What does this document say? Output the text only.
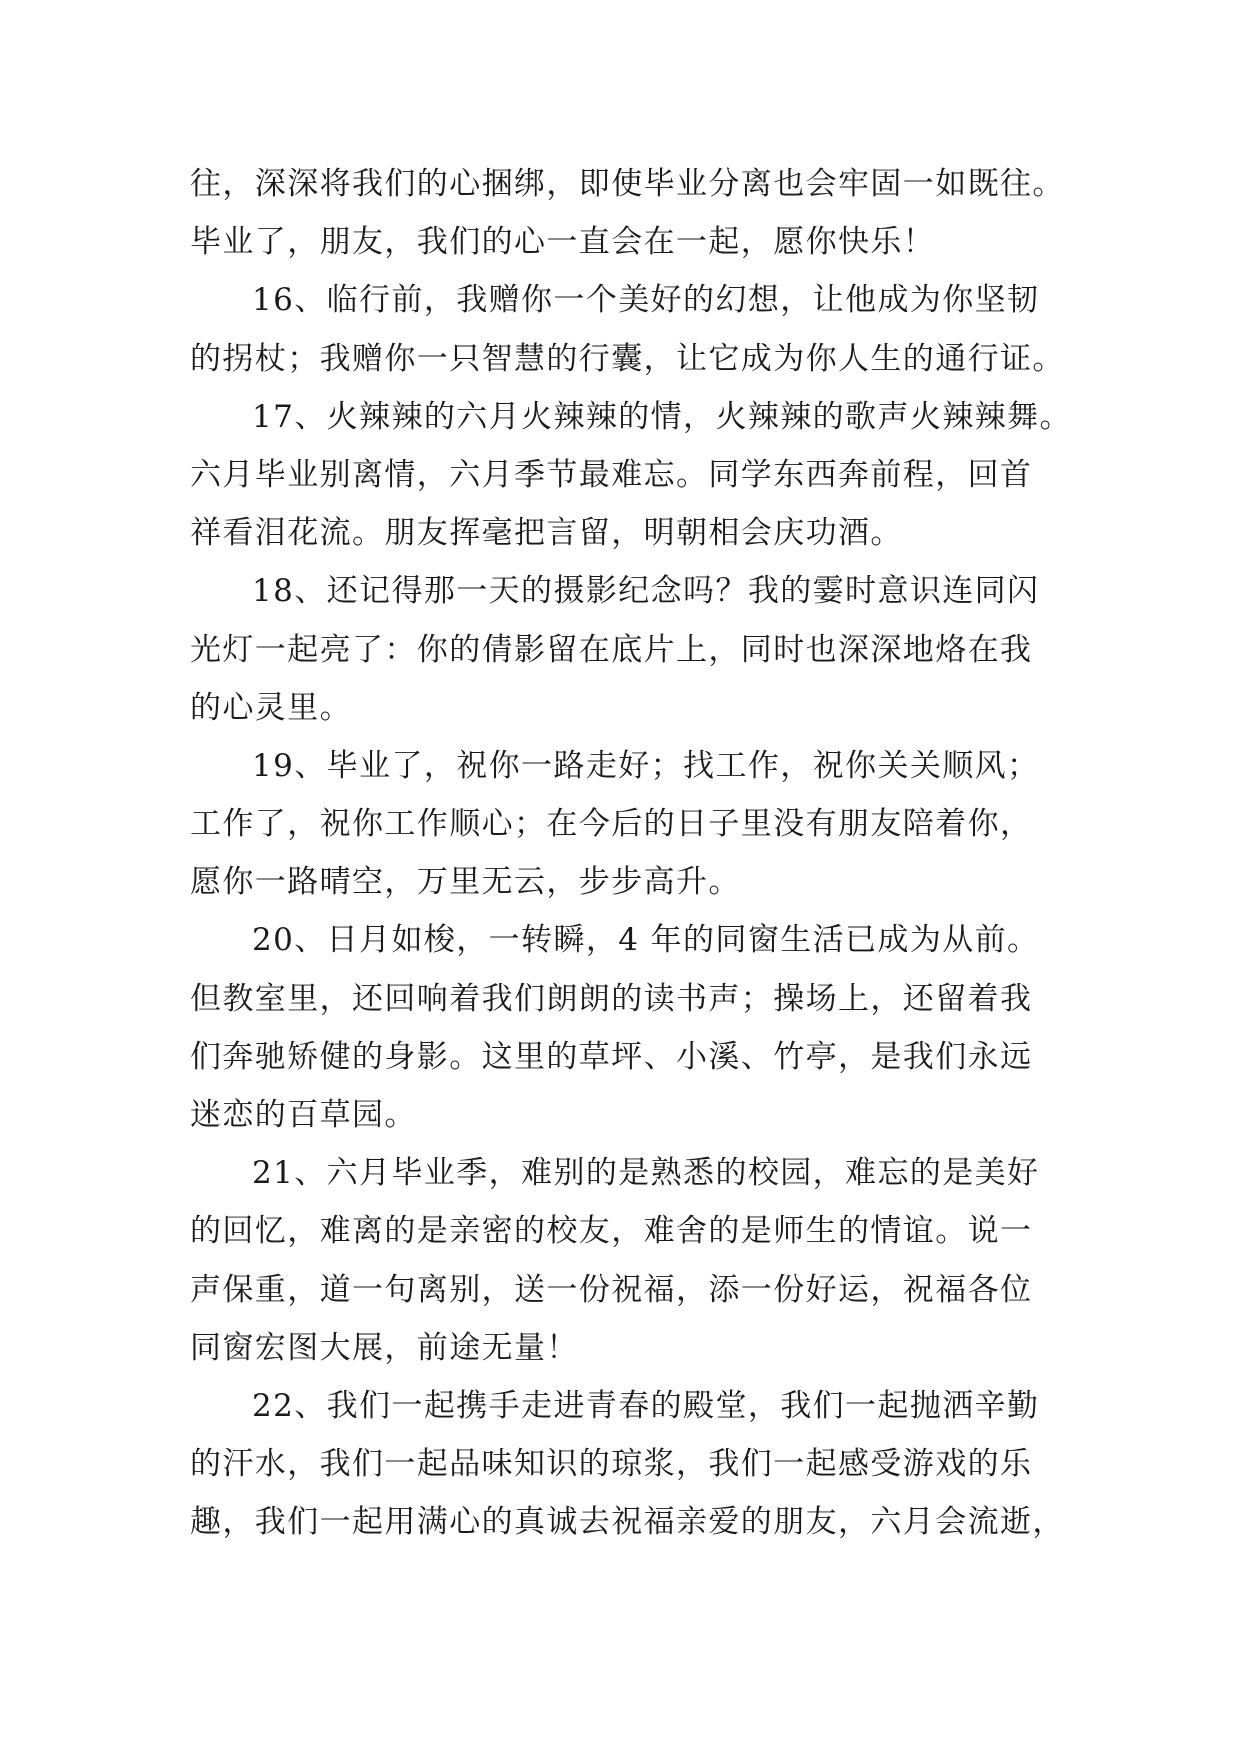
往，深深将我们的心捆绑，即使毕业分离也会牢固一如既往。
毕业了，朋友，我们的心一直会在一起，愿你快乐！
16、临行前，我赠你一个美好的幻想，让他成为你坚韧
的拐杖；我赠你一只智慧的行囊，让它成为你人生的通行证。
17、火辣辣的六月火辣辣的情，火辣辣的歌声火辣辣舞。
六月毕业别离情，六月季节最难忘。同学东西奔前程，回首
祥看泪花流。朋友挥毫把言留，明朝相会庆功酒。
18、还记得那一天的摄影纪念吗？我的霎时意识连同闪
光灯一起亮了：你的倩影留在底片上，同时也深深地烙在我
的心灵里。
19、毕业了，祝你一路走好；找工作，祝你关关顺风；
工作了，祝你工作顺心；在今后的日子里没有朋友陪着你，
愿你一路晴空，万里无云，步步高升。
20、日月如梭，一转瞬，4 年的同窗生活已成为从前。
但教室里，还回响着我们朗朗的读书声；操场上，还留着我
们奔驰矫健的身影。这里的草坪、小溪、竹亭，是我们永远
迷恋的百草园。
21、六月毕业季，难别的是熟悉的校园，难忘的是美好
的回忆，难离的是亲密的校友，难舍的是师生的情谊。说一
声保重，道一句离别，送一份祝福，添一份好运，祝福各位
同窗宏图大展，前途无量！
22、我们一起携手走进青春的殿堂，我们一起抛洒辛勤
的汗水，我们一起品味知识的琼浆，我们一起感受游戏的乐
趣，我们一起用满心的真诚去祝福亲爱的朋友，六月会流逝，
